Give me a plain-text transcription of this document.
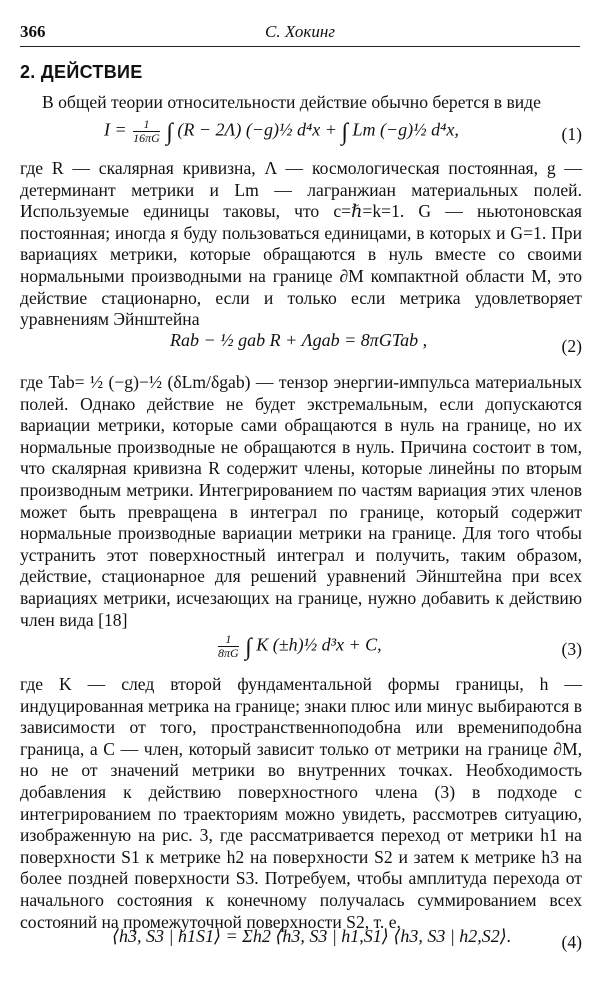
366	С. Хокинг
2. ДЕЙСТВИЕ

В общей теории относительности действие обычно берется в виде

$I = \frac{1}{16\pi G}$ ∫ (R − 2Λ) (−g)½ d⁴x + ∫ Lm (−g)½ d⁴x,	(1)

где R — скалярная кривизна, Λ — космологическая постоянная, g — детерминант метрики и Lm — лагранжиан материальных полей. Используемые единицы таковы, что c=ℏ=k=1. G — ньютоновская постоянная; иногда я буду пользоваться единицами, в которых и G=1. При вариациях метрики, которые обращаются в нуль вместе со своими нормальными производными на границе ∂M компактной области M, это действие стационарно, если и только если метрика удовлетворяет уравнениям Эйнштейна

Rab − ½ gab R + Λgab = 8πGTab ,	(2)

где Tab= ½ (−g)−½ (δLm/δgab) — тензор энергии-импульса материальных полей. Однако действие не будет экстремальным, если допускаются вариации метрики, которые сами обращаются в нуль на границе, но их нормальные производные не обращаются в нуль. Причина состоит в том, что скалярная кривизна R содержит члены, которые линейны по вторым производным метрики. Интегрированием по частям вариация этих членов может быть превращена в интеграл по границе, который содержит нормальные производные вариации метрики на границе. Для того чтобы устранить этот поверхностный интеграл и получить, таким образом, действие, стационарное для решений уравнений Эйнштейна при всех вариациях метрики, исчезающих на границе, нужно добавить к действию член вида [18]

$\frac{1}{8\pi G}$ ∫ K (±h)½ d³x + C,	(3)

где K — след второй фундаментальной формы границы, h — индуцированная метрика на границе; знаки плюс или минус выбираются в зависимости от того, пространственноподобна или времениподобна граница, а C — член, который зависит только от метрики на границе ∂M, но не от значений метрики во внутренних точках. Необходимость добавления к действию поверхностного члена (3) в подходе с интегрированием по траекториям можно увидеть, рассмотрев ситуацию, изображенную на рис. 3, где рассматривается переход от метрики h1 на поверхности S1 к метрике h2 на поверхности S2 и затем к метрике h3 на более поздней поверхности S3. Потребуем, чтобы амплитуда перехода от начального состояния к конечному получалась суммированием всех состояний на промежуточной поверхности S2, т. е.

⟨h3, S3 | h1S1⟩ = Σh2 ⟨h3, S3 | h1,S1⟩ ⟨h3, S3 | h2,S2⟩.	(4)
